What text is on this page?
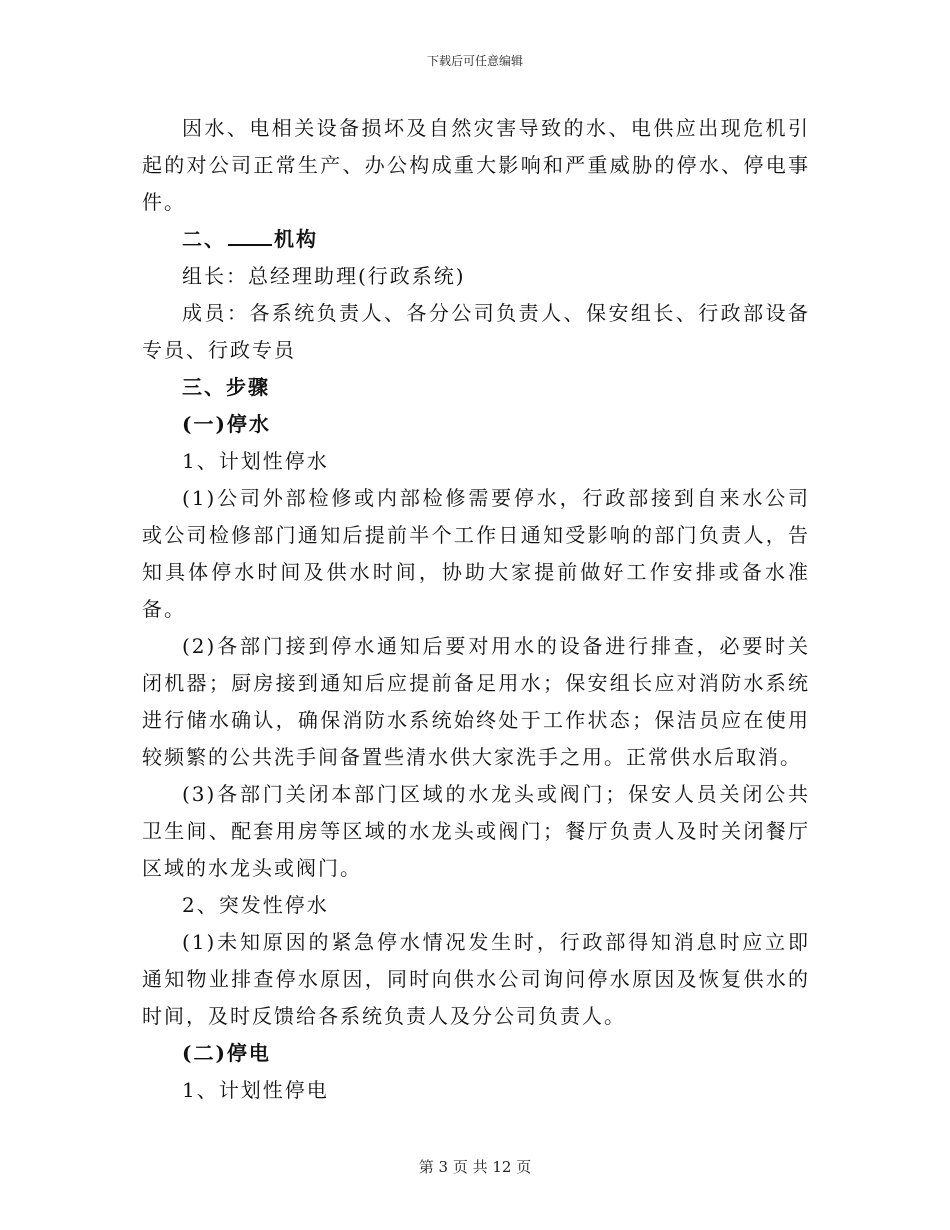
下载后可任意编辑

因水、电相关设备损坏及自然灾害导致的水、电供应出现危机引起的对公司正常生产、办公构成重大影响和严重威胁的停水、停电事件。

二、 机构

组长：总经理助理(行政系统)

成员：各系统负责人、各分公司负责人、保安组长、行政部设备专员、行政专员

三、步骤

(一)停水

1、计划性停水

(1)公司外部检修或内部检修需要停水，行政部接到自来水公司或公司检修部门通知后提前半个工作日通知受影响的部门负责人，告知具体停水时间及供水时间，协助大家提前做好工作安排或备水准备。

(2)各部门接到停水通知后要对用水的设备进行排查，必要时关闭机器；厨房接到通知后应提前备足用水；保安组长应对消防水系统进行储水确认，确保消防水系统始终处于工作状态；保洁员应在使用较频繁的公共洗手间备置些清水供大家洗手之用。正常供水后取消。

(3)各部门关闭本部门区域的水龙头或阀门；保安人员关闭公共卫生间、配套用房等区域的水龙头或阀门；餐厅负责人及时关闭餐厅区域的水龙头或阀门。

2、突发性停水

(1)未知原因的紧急停水情况发生时，行政部得知消息时应立即通知物业排查停水原因，同时向供水公司询问停水原因及恢复供水的时间，及时反馈给各系统负责人及分公司负责人。

(二)停电

1、计划性停电

第 3 页 共 12 页
